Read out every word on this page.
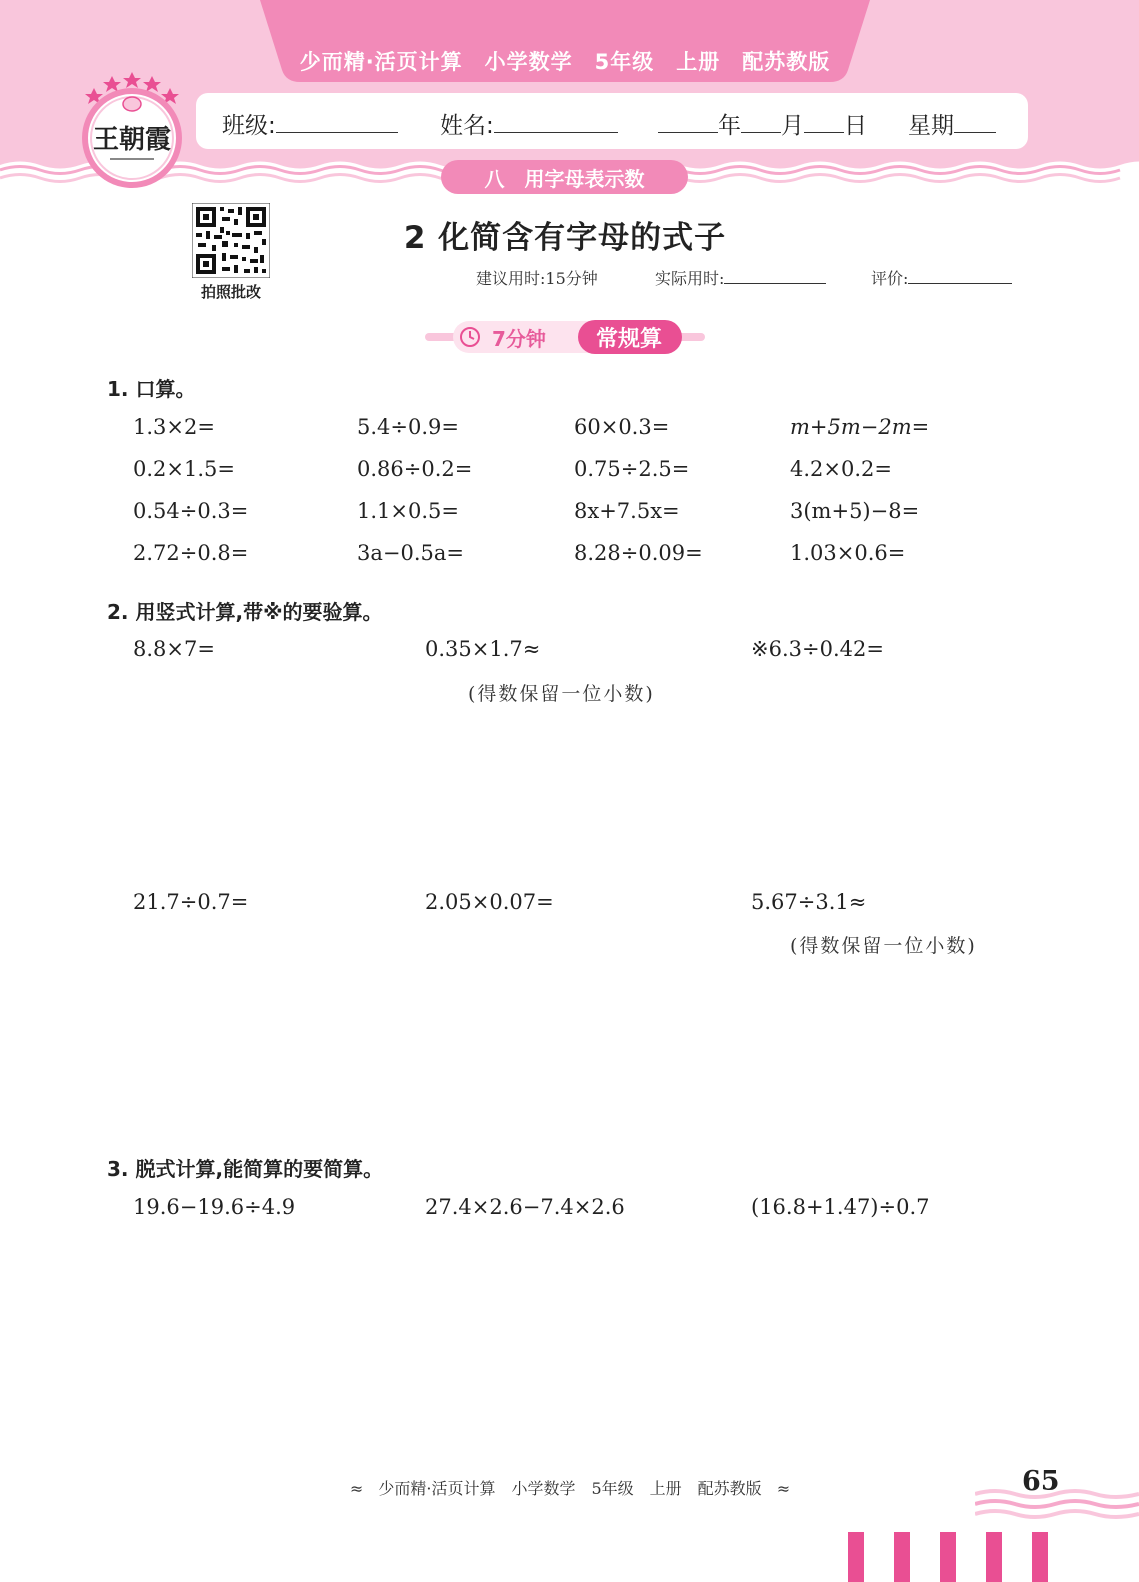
少而精·活页计算　小学数学　5年级　上册　配苏教版
班级:	姓名:	年 月 日 星期
王朝霞
八　用字母表示数
拍照批改
2 化简含有字母的式子
建议用时:15分钟	实际用时:	评价:
7分钟	常规算
1. 口算。
1.3×2=	5.4÷0.9=	60×0.3=	m+5m−2m=
0.2×1.5=	0.86÷0.2=	0.75÷2.5=	4.2×0.2=
0.54÷0.3=	1.1×0.5=	8x+7.5x=	3(m+5)−8=
2.72÷0.8=	3a−0.5a=	8.28÷0.09=	1.03×0.6=
2. 用竖式计算,带※的要验算。
8.8×7=	0.35×1.7≈	※6.3÷0.42=
(得数保留一位小数)
21.7÷0.7=	2.05×0.07=	5.67÷3.1≈
(得数保留一位小数)
3. 脱式计算,能简算的要简算。
19.6−19.6÷4.9	27.4×2.6−7.4×2.6	(16.8+1.47)÷0.7
≈ 少而精·活页计算　小学数学　5年级　上册　配苏教版 ≈	65
